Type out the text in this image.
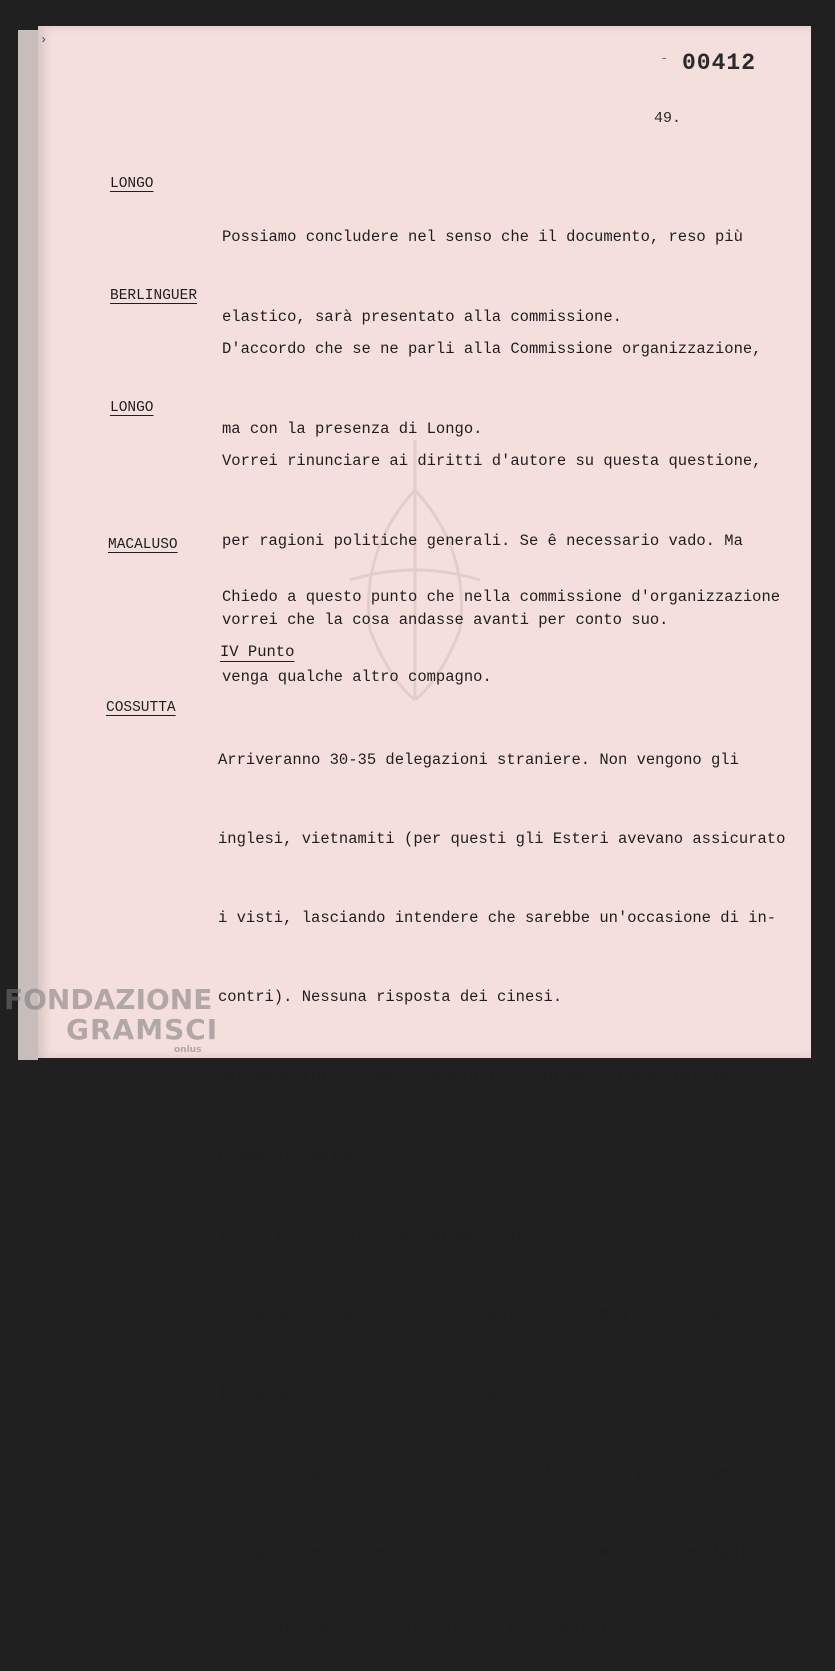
›
- 00412
49.
LONGO

Possiamo concludere nel senso che il documento, reso più

elastico, sarà presentato alla commissione.

BERLINGUER

D'accordo che se ne parli alla Commissione organizzazione,

ma con la presenza di Longo.

LONGO

Vorrei rinunciare ai diritti d'autore su questa questione,

per ragioni politiche generali. Se ê necessario vado. Ma

vorrei che la cosa andasse avanti per conto suo.

MACALUSO

Chiedo a questo punto che nella commissione d'organizzazione

venga qualche altro compagno.

IV Punto
COSSUTTA

Arriveranno 30-35 delegazioni straniere. Non vengono gli

inglesi, vietnamiti (per questi gli Esteri avevano assicurato

i visti, lasciando intendere che sarebbe un'occasione di in-

contri). Nessuna risposta dei cinesi.

Arrivano tutti i paesi socialisti europei, Cuba. Per la

Francia: Duclos.

I servizi tecnici sono organizzati.

Prima del Congresso c'è l'omaggio alla tomba di Togliatti e

l'inaugurazione della sala Togliatti al Gramsci.

Circa il calendario del Congresso, la serata per l'esame dei

delegati deve essere ancora fissata. Avremo due pomeriggi

(martedì e metà settimana) per le commissioni.

FONDAZIONE
GRAMSCI
onlus
